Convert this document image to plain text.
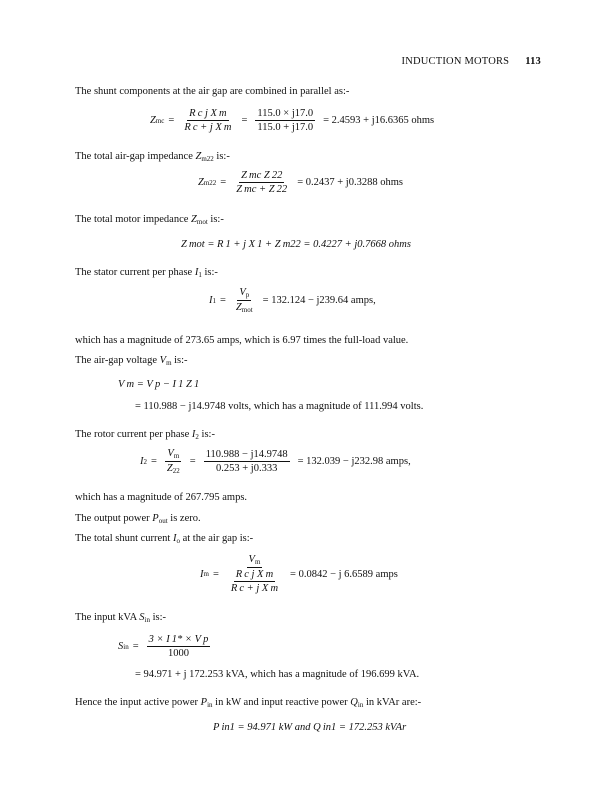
INDUCTION MOTORS 113
The shunt components at the air gap are combined in parallel as:-
Z mc = $\frac{\text{R c j X m}}{\text{R c + j X m}} = \frac{115.0 \times j17.0}{115.0 + j17.0} = 2.4593 + j16.6365$ ohms
The total air-gap impedance $Z_{m22}$ is:-
Z $m22 = \frac{\text{Z mc Z 22}}{\text{Z mc + Z 22}} = 0.2437 + j0.3288$ ohms
The total motor impedance $Z_{mot}$ is:-
Z mot = R 1 + j X 1 + Z m22 = 0.4227 + j0.7668 ohms
The stator current per phase $I_1$ is:-
I $1 = \frac{V_p}{Z_{mot}} = 132.124 - j239.64$ amps,
which has a magnitude of 273.65 amps, which is 6.97 times the full-load value.
The air-gap voltage $V_m$ is:-
V m = V p − I 1 Z 1
= 110.988 − j14.9748 volts, which has a magnitude of 111.994 volts.
The rotor current per phase $I_2$ is:-
I $2 = \frac{V_m}{Z_{22}} = \frac{110.988 - j14.9748}{0.253 + j0.333} = 132.039 - j232.98$ amps,
which has a magnitude of 267.795 amps.
The output power $P_{out}$ is zero.
The total shunt current $I_o$ at the air gap is:-
I $m = \frac{V_m}{\frac{\text{R c j X m}}{\text{R c + j X m}}} = 0.0842 - j$ 6.6589 amps
The input kVA $S_{in}$ is:-
S in = $\frac{\text{3 × I 1* × V p}}{1000}$
= 94.971 + j 172.253 kVA, which has a magnitude of 196.699 kVA.
Hence the input active power $P_{in}$ in kW and input reactive power $Q_{in}$ in kVAr are:-
P in1 = 94.971 kW and Q in1 = 172.253 kVAr
